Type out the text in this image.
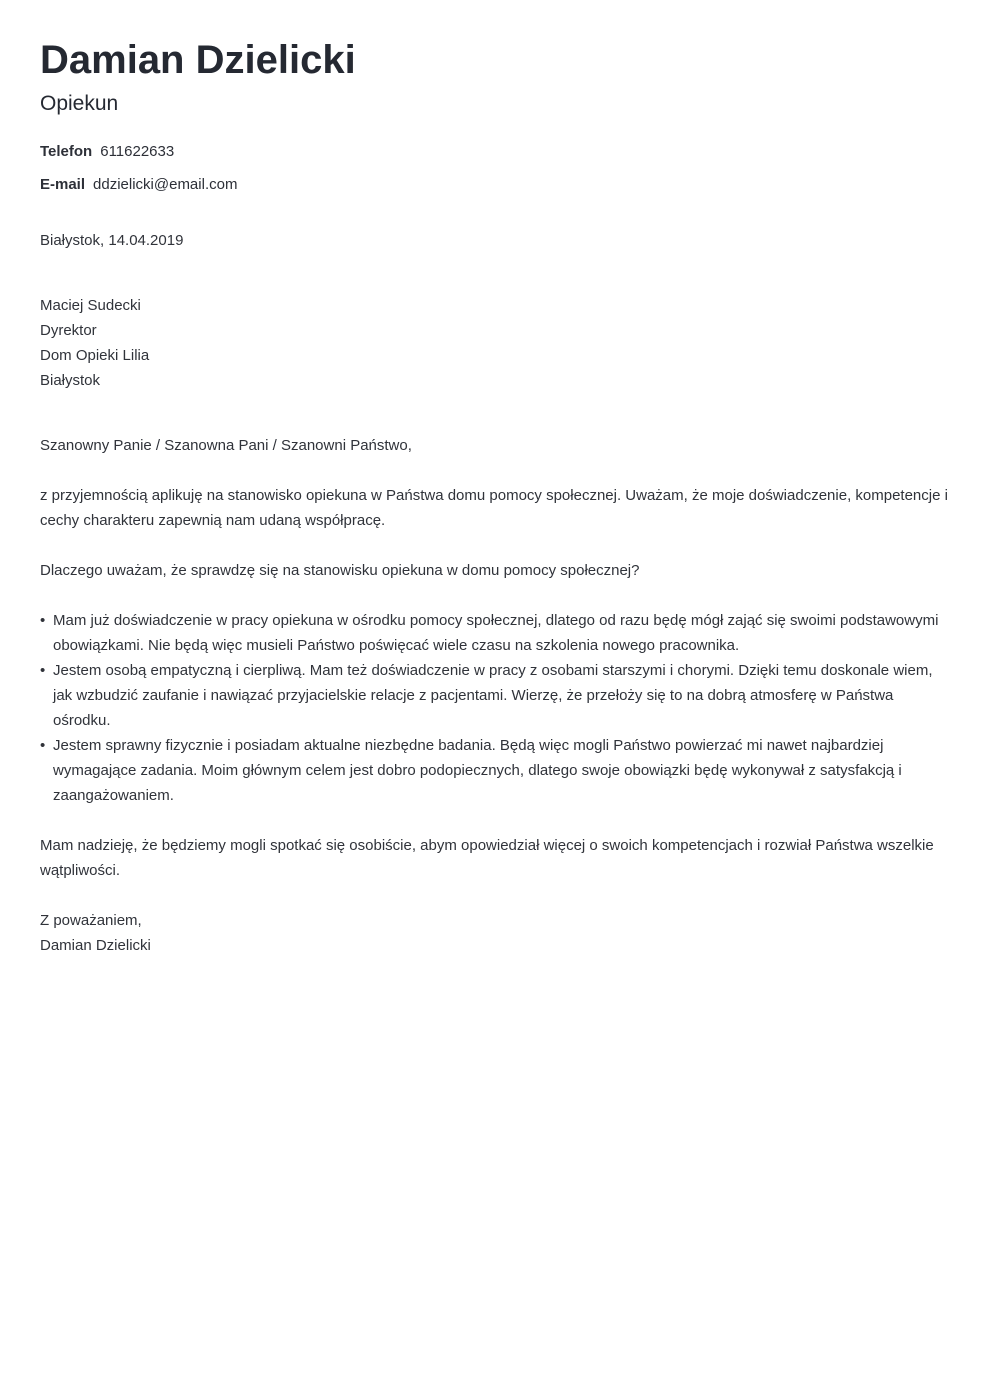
Damian Dzielicki
Opiekun
Telefon 611622633
E-mail ddzielicki@email.com
Białystok, 14.04.2019
Maciej Sudecki
Dyrektor
Dom Opieki Lilia
Białystok
Szanowny Panie / Szanowna Pani / Szanowni Państwo,
z przyjemnością aplikuję na stanowisko opiekuna w Państwa domu pomocy społecznej. Uważam, że moje doświadczenie, kompetencje i cechy charakteru zapewnią nam udaną współpracę.
Dlaczego uważam, że sprawdzę się na stanowisku opiekuna w domu pomocy społecznej?
• Mam już doświadczenie w pracy opiekuna w ośrodku pomocy społecznej, dlatego od razu będę mógł zająć się swoimi podstawowymi obowiązkami. Nie będą więc musieli Państwo poświęcać wiele czasu na szkolenia nowego pracownika.
• Jestem osobą empatyczną i cierpliwą. Mam też doświadczenie w pracy z osobami starszymi i chorymi. Dzięki temu doskonale wiem, jak wzbudzić zaufanie i nawiązać przyjacielskie relacje z pacjentami. Wierzę, że przełoży się to na dobrą atmosferę w Państwa ośrodku.
• Jestem sprawny fizycznie i posiadam aktualne niezbędne badania. Będą więc mogli Państwo powierzać mi nawet najbardziej wymagające zadania. Moim głównym celem jest dobro podopiecznych, dlatego swoje obowiązki będę wykonywał z satysfakcją i zaangażowaniem.
Mam nadzieję, że będziemy mogli spotkać się osobiście, abym opowiedział więcej o swoich kompetencjach i rozwiał Państwa wszelkie wątpliwości.
Z poważaniem,
Damian Dzielicki
